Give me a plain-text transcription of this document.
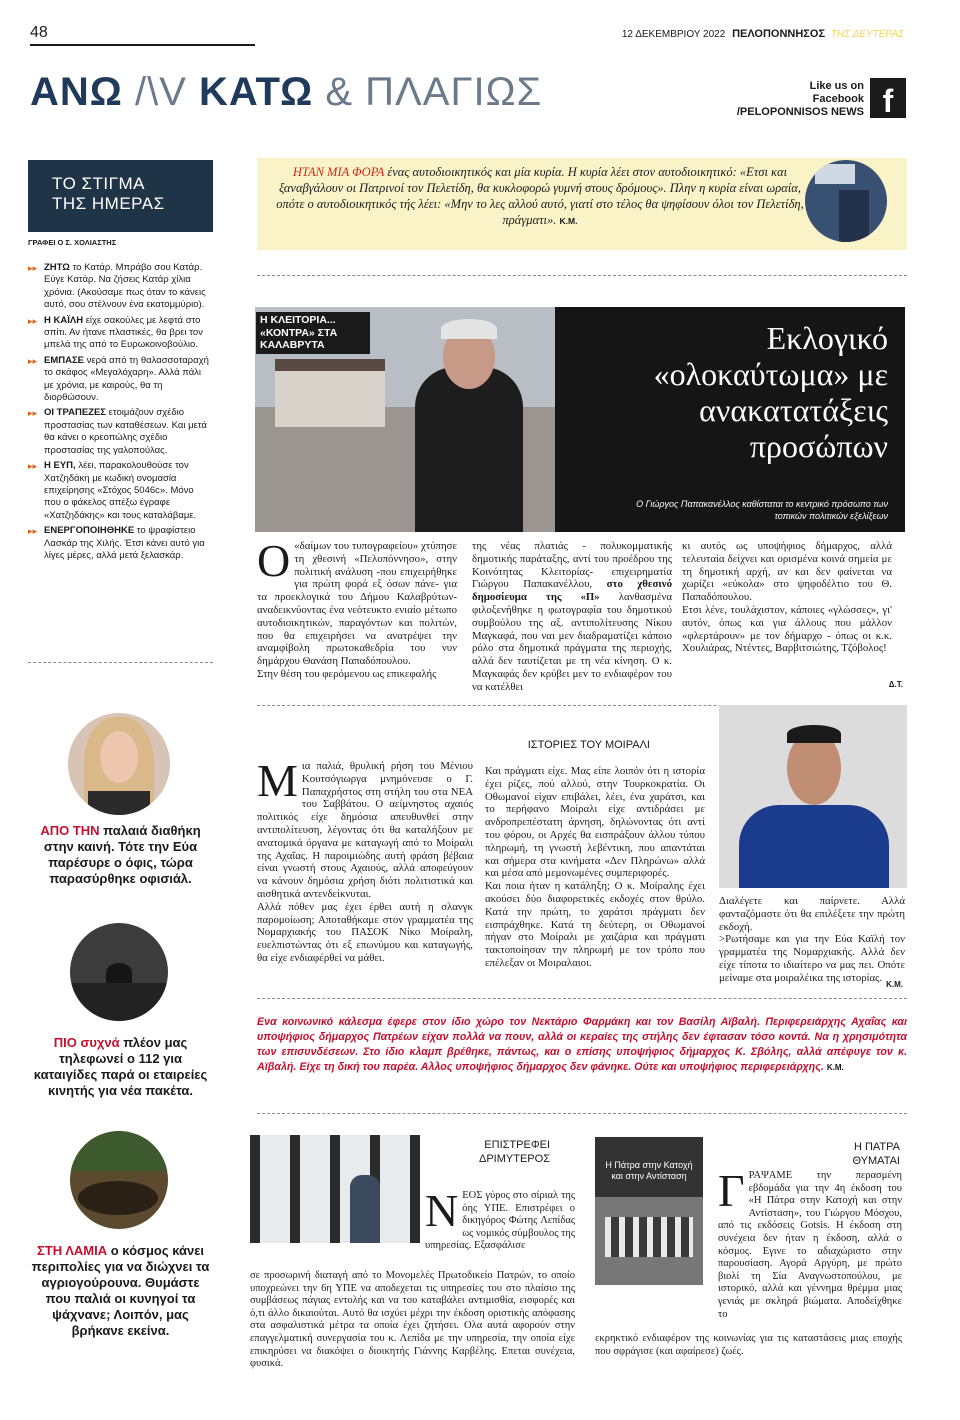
48	12 ΔΕΚΕΜΒΡΙΟΥ 2022 ΠΕΛΟΠΟΝΝΗΣΟΣ ΤΗΣ ΔΕΥΤΕΡΑΣ
ΑΝΩ /\V ΚΑΤΩ & ΠΛΑΓΙΩΣ	Like us on
Facebook
/PELOPONNISOS NEWS f
ΤΟ ΣΤΙΓΜΑ
ΤΗΣ ΗΜΕΡΑΣ
ΓΡΑΦΕΙ Ο Σ. ΧΟΛΙΑΣΤΗΣ
▸▸ ΖΗΤΩ το Κατάρ. Μπράβο σου Κατάρ. Εύγε Κατάρ. Να ζήσεις Κατάρ χίλια χρόνια. (Ακούσαμε πως όταν το κάνεις αυτό, σου στέλνουν ένα εκατομμύριο).
▸▸ Η ΚΑΪΛΗ είχε σακούλες με λεφτά στο σπίτι. Αν ήτανε πλαστικές, θα βρει τον μπελά της από το Ευρωκοινοβούλιο.
▸▸ ΕΜΠΑΣΕ νερά από τη θαλασσοταραχή το σκάφος «Μεγαλόχαρη». Αλλά πάλι με χρόνια, με καιρούς, θα τη διορθώσουν.
▸▸ ΟΙ ΤΡΑΠΕΖΕΣ ετοιμάζουν σχέδιο προστασίας των καταθέσεων. Και μετά θα κάνει ο κρεοπώλης σχέδιο προστασίας της γαλοπούλας.
▸▸ Η ΕΥΠ, λέει, παρακολουθούσε τον Χατζηδάκη με κωδική ονομασία επιχείρησης «Στόχος 5046c». Μόνο που ο φάκελος απέξω έγραφε «Χατζηδάκης» και τους καταλάβαμε.
▸▸ ΕΝΕΡΓΟΠΟΙΗΘΗΚΕ το ψραφίστειο Λασκάρ της Χιλής. Έτσι κάνει αυτό για λίγες μέρες, αλλά μετά ξελασκάρ.
ΑΠΟ ΤΗΝ παλαιά διαθήκη στην καινή. Τότε την Εύα παρέσυρε ο όφις, τώρα παρασύρθηκε οφισιάλ.
ΠΙΟ συχνά πλέον μας τηλεφωνεί ο 112 για καταιγίδες παρά οι εταιρείες κινητής για νέα πακέτα.
ΣΤΗ ΛΑΜΙΑ ο κόσμος κάνει περιπολίες για να διώχνει τα αγριογούρουνα. Θυμάστε που παλιά οι κυνηγοί τα ψάχνανε; Λοιπόν, μας βρήκανε εκείνα.
ΗΤΑΝ ΜΙΑ ΦΟΡΑ ένας αυτοδιοικητικός και μία κυρία. Η κυρία λέει στον αυτοδιοικητικό: «Ετσι και ξαναβγάλουν οι Πατρινοί τον Πελετίδη, θα κυκλοφορώ γυμνή στους δρόμους». Πλην η κυρία είναι ωραία, οπότε ο αυτοδιοικητικός τής λέει: «Μην το λες αλλού αυτό, γιατί στο τέλος θα ψηφίσουν όλοι τον Πελετίδη, πράγματι». Κ.Μ.
Η ΚΛΕΙΤΟΡΙΑ... «ΚΟΝΤΡΑ» ΣΤΑ ΚΑΛΑΒΡΥΤΑ	Εκλογικό «ολοκαύτωμα» με ανακατατάξεις προσώπων
Ο Γιώργος Παπακανέλλος καθίσταται το κεντρικό πρόσωπο των τοπικών πολιτικών εξελίξεων
Ο «δαίμων του τυπογραφείου» χτύπησε τη χθεσινή «Πελοπόννησο», στην πολιτική ανάλυση -που επιχειρήθηκε για πρώτη φορά εξ όσων πάνε- για τα προεκλογικά του Δήμου Καλαβρύτων- αναδεικνύοντας ένα νεότευκτο ενιαίο μέτωπο αυτοδιοικητικών, παραγόντων και πολιτών, που θα επιχειρήσει να ανατρέψει την αναμφίβολη πρωτοκαθεδρία του νυν δημάρχου Θανάση Παπαδόπουλου.
Στην θέση του φερόμενου ως επικεφαλής
της νέας πλατιάς - πολυκομματικής δημοτικής παράταξης, αντί του προέδρου της Κοινότητας Κλειτορίας- επιχειρηματία Γιώργου Παπακανέλλου, στο χθεσινό δημοσίευμα της «Π» λανθασμένα φιλοξενήθηκε η φωτογραφία του δημοτικού συμβούλου της αξ. αντιπολίτευσης Νίκου Μαγκαφά, που ναι μεν διαδραματίζει κάποιο ρόλο στα δημοτικά πράγματα της περιοχής, αλλά δεν ταυτίζεται με τη νέα κίνηση. Ο κ. Μαγκαφάς δεν κρύβει μεν το ενδιαφέρον του να κατέλθει
κι αυτός ως υποψήφιος δήμαρχος, αλλά τελευταία δείχνει και ορισμένα κοινά σημεία με τη δημοτική αρχή, αν και δεν φαίνεται να χωρίζει «εύκολα» στο ψηφοδέλτιο του Θ. Παπαδόπουλου.
Ετσι λένε, τουλάχιστον, κάποιες «γλώσσες», γι' αυτόν, όπως και για άλλους που μάλλον «φλερτάρουν» με τον δήμαρχο - όπως οι κ.κ. Χουλιάρας, Ντέντες, Βαρβιτσιώτης, Τζόβολος!
Δ.Τ.
ΙΣΤΟΡΙΕΣ ΤΟΥ ΜΟΙΡΑΛΙ
Μια παλιά, θρυλική ρήση του Μένιου Κουτσόγιωργα μνημόνευσε ο Γ. Παπαχρήστος στη στήλη του στα ΝΕΑ του Σαββάτου. Ο αείμνηστος αχαιός πολιτικός είχε δημόσια απευθυνθεί στην αντιπολίτευση, λέγοντας ότι θα καταλήξουν με ανατομικά όργανα με καταγωγή από το Μοίραλι της Αχαΐας. Η παροιμιώδης αυτή φράση βέβαια είναι γνωστή στους Αχαιούς, αλλά αποφεύγουν να κάνουν δημόσια χρήση διότι πολιτιστικά και αισθητικά αντενδείκνυται.
Αλλά πόθεν μας έχει έρθει αυτή η σλανγκ παρομοίωση; Αποταθήκαμε στον γραμματέα της Νομαρχιακής του ΠΑΣΟΚ Νίκο Μοίραλη, ευελπιστώντας ότι εξ επωνύμου και καταγωγής, θα είχε ενδιαφέρθεί να μάθει.
Και πράγματι είχε. Μας είπε λοιπόν ότι η ιστορία έχει ρίζες, πού αλλού, στην Τουρκοκρατία. Οι Οθωμανοί είχαν επιβάλει, λέει, ένα χαράτσι, και το περήφανο Μοίραλι είχε αντιδράσει με ανδροπρεπέστατη άρνηση, δηλώνοντας ότι αντί του φόρου, οι Αρχές θα εισπράξουν άλλου τύπου πληρωμή, τη γνωστή λεβέντικη, που απαντάται και σήμερα στα κινήματα «Δεν Πληρώνω» αλλά και μέσα από μεμονωμένες συμπεριφορές.
Και ποια ήταν η κατάληξη; Ο κ. Μοίραλης έχει ακούσει δύο διαφορετικές εκδοχές στον θρύλο. Κατά την πρώτη, το χαράτσι πράγματι δεν εισπράχθηκε. Κατά τη δεύτερη, οι Οθωμανοί πήγαν στο Μοίραλι με χαιζάρια και πράγματι τακτοποίησαν την πληρωμή με τον τρόπο που επέλεξαν οι Μοιραλαιοι.
Διαλέγετε και παίρνετε. Αλλά φανταζόμαστε ότι θα επιλέξετε την πρώτη εκδοχή.
>Ρωτήσαμε και για την Εύα Καϊλή τον γραμματέα της Νομαρχιακής. Αλλά δεν είχε τίποτα το ιδιαίτερο να μας πει. Οπότε μείναμε στα μοιραλέικα της ιστορίας.
Κ.Μ.
Ενα κοινωνικό κάλεσμα έφερε στον ίδιο χώρο τον Νεκτάριο Φαρμάκη και τον Βασίλη Αϊβαλή. Περιφερειάρχης Αχαΐας και υποψήφιος δήμαρχος Πατρέων είχαν πολλά να πουν, αλλά οι κεραίες της στήλης δεν έφτασαν τόσο κοντά. Να η χρησιμότητα των επισυνδέσεων. Στο ίδιο κλαμπ βρέθηκε, πάντως, και ο επίσης υποψήφιος δήμαρχος Κ. Σβόλης, αλλά απέφυγε τον κ. Αϊβαλή. Είχε τη δική του παρέα. Αλλος υποψήφιος δήμαρχος δεν φάνηκε. Ούτε και υποψήφιος περιφερειάρχης. Κ.Μ.
ΕΠΙΣΤΡΕΦΕΙ
ΔΡΙΜΥΤΕΡΟΣ
ΝΕΟΣ γύρος στο σίριαλ της όης ΥΠΕ. Επιστρέφει ο δικηγόρος Φώτης Λεπίδας ως νομικός σύμβουλος της υπηρεσίας. Εξασφάλισε
σε προσωρινή διαταγή από το Μονομελές Πρωτοδικείο Πατρών, το οποίο υποχρεώνει την 6η ΥΠΕ να αποδεχεται τις υπηρεσίες του στο πλαίσιο της συμβάσεως πάγιας εντολής και να του καταβάλει αντιμισθία, εισφορές και ό,τι άλλο δικαιούται. Αυτό θα ισχύει μέχρι την έκδοση οριστικής απόφασης στα ασφαλιστικά μέτρα τα οποία έχει ζητήσει. Ολα αυτά αφορούν στην επαγγελματική συνεργασία του κ. Λεπίδα με την υπηρεσία, την οποία είχε επικηρύσει να διακόψει ο διοικητής Γιάννης Καρβέλης. Επεται συνέχεια, φυσικά.
Η Πάτρα στην Κατοχή και στην Αντίσταση
Η ΠΑΤΡΑ
ΘΥΜΑΤΑΙ
ΓΡΑΨΑΜΕ την περασμένη εβδομάδα για την 4η έκδοση του «Η Πάτρα στην Κατοχή και στην Αντίσταση», του Γιώργου Μόσχου, από τις εκδόσεις Gotsis. Η έκδοση στη συνέχεια δεν ήταν η έκδοση, αλλά ο κόσμος. Εγινε το αδιαχώριστο στην παρουσίαση. Αγορά Αργύρη, με πρώτο βιολί τη Σία Αναγνωστοπούλου, με ιστορικό, αλλά και γέννημα θρέμμα μιας γενιάς με σκληρά βιώματα. Αποδείχθηκε το
εκρηκτικό ενδιαφέρον της κοινωνίας για τις καταστάσεις μιας εποχής που σφράγισε (και αφαίρεσε) ζωές.
